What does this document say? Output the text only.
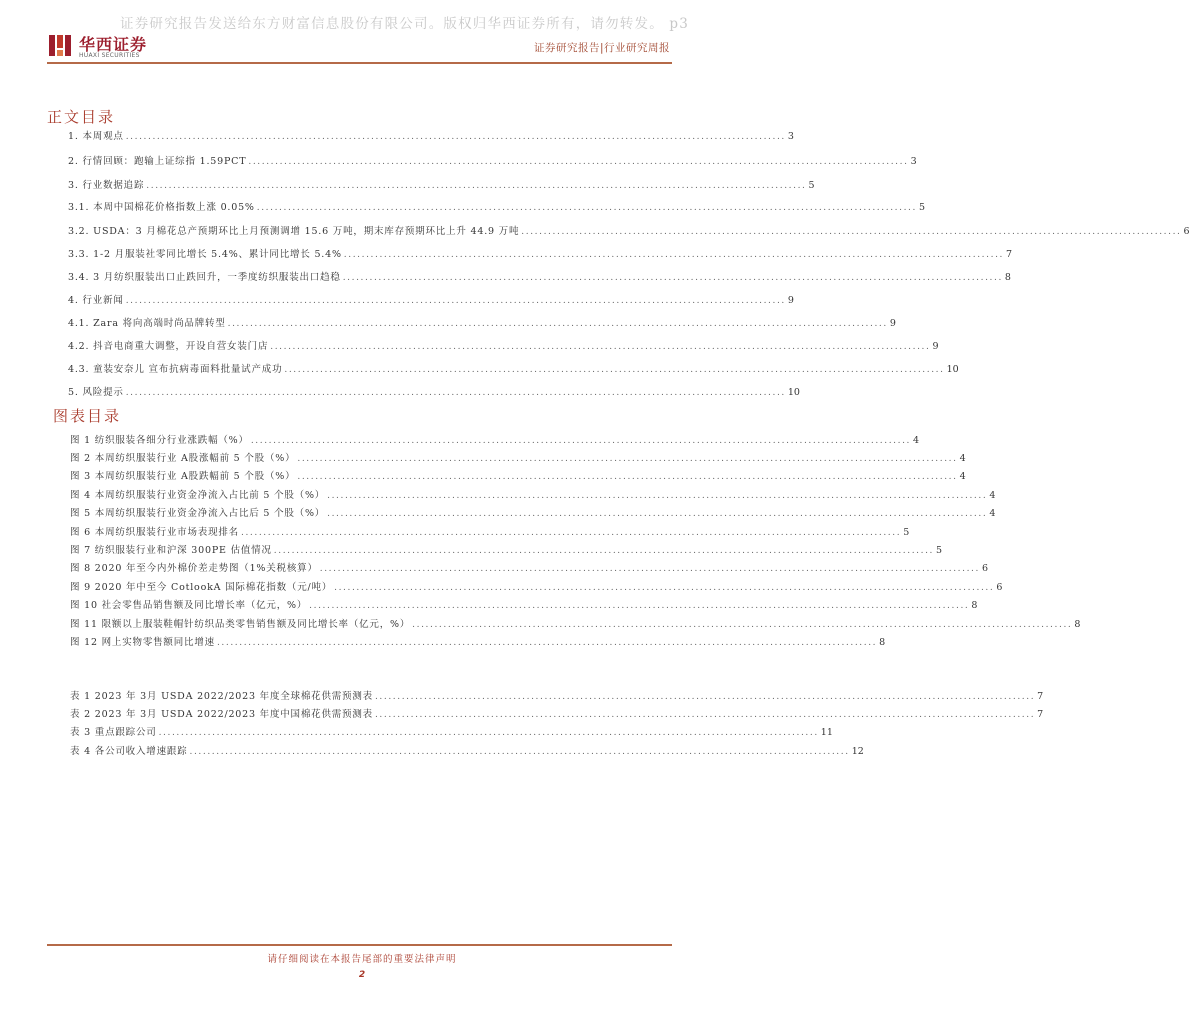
证券研究报告发送给东方财富信息股份有限公司。版权归华西证券所有，请勿转发。 p3
华西证券
HUAXI SECURITIES
证券研究报告|行业研究周报
正文目录
1. 本周观点 .................................................................................................................................................... 3
2. 行情回顾：跑输上证综指 1.59PCT .................................................................................................................................................... 3
3. 行业数据追踪 .................................................................................................................................................... 5
3.1. 本周中国棉花价格指数上涨 0.05% .................................................................................................................................................... 5
3.2. USDA：3 月棉花总产预期环比上月预测调增 15.6 万吨，期末库存预期环比上升 44.9 万吨 .................................................................................................................................................... 6
3.3. 1-2 月服装社零同比增长 5.4%、累计同比增长 5.4% .................................................................................................................................................... 7
3.4. 3 月纺织服装出口止跌回升，一季度纺织服装出口趋稳 .................................................................................................................................................... 8
4. 行业新闻 .................................................................................................................................................... 9
4.1. Zara 将向高端时尚品牌转型 .................................................................................................................................................... 9
4.2. 抖音电商重大调整，开设自营女装门店 .................................................................................................................................................... 9
4.3. 童装安奈儿 宣布抗病毒面料批量试产成功 .................................................................................................................................................... 10
5. 风险提示 .................................................................................................................................................... 10
图表目录
图 1 纺织服装各细分行业涨跌幅（%） .................................................................................................................................................... 4
图 2 本周纺织服装行业 A股涨幅前 5 个股（%） .................................................................................................................................................... 4
图 3 本周纺织服装行业 A股跌幅前 5 个股（%） .................................................................................................................................................... 4
图 4 本周纺织服装行业资金净流入占比前 5 个股（%） .................................................................................................................................................... 4
图 5 本周纺织服装行业资金净流入占比后 5 个股（%） .................................................................................................................................................... 4
图 6 本周纺织服装行业市场表现排名 .................................................................................................................................................... 5
图 7 纺织服装行业和沪深 300PE 估值情况 .................................................................................................................................................... 5
图 8 2020 年至今内外棉价差走势图（1%关税核算） .................................................................................................................................................... 6
图 9 2020 年中至今 CotlookA 国际棉花指数（元/吨） .................................................................................................................................................... 6
图 10 社会零售品销售额及同比增长率（亿元，%） .................................................................................................................................................... 8
图 11 限额以上服装鞋帽针纺织品类零售销售额及同比增长率（亿元，%） .................................................................................................................................................... 8
图 12 网上实物零售额同比增速 .................................................................................................................................................... 8
表 1 2023 年 3月 USDA 2022/2023 年度全球棉花供需预测表 .................................................................................................................................................... 7
表 2 2023 年 3月 USDA 2022/2023 年度中国棉花供需预测表 .................................................................................................................................................... 7
表 3 重点跟踪公司 .................................................................................................................................................... 11
表 4 各公司收入增速跟踪 .................................................................................................................................................... 12
请仔细阅读在本报告尾部的重要法律声明
2
